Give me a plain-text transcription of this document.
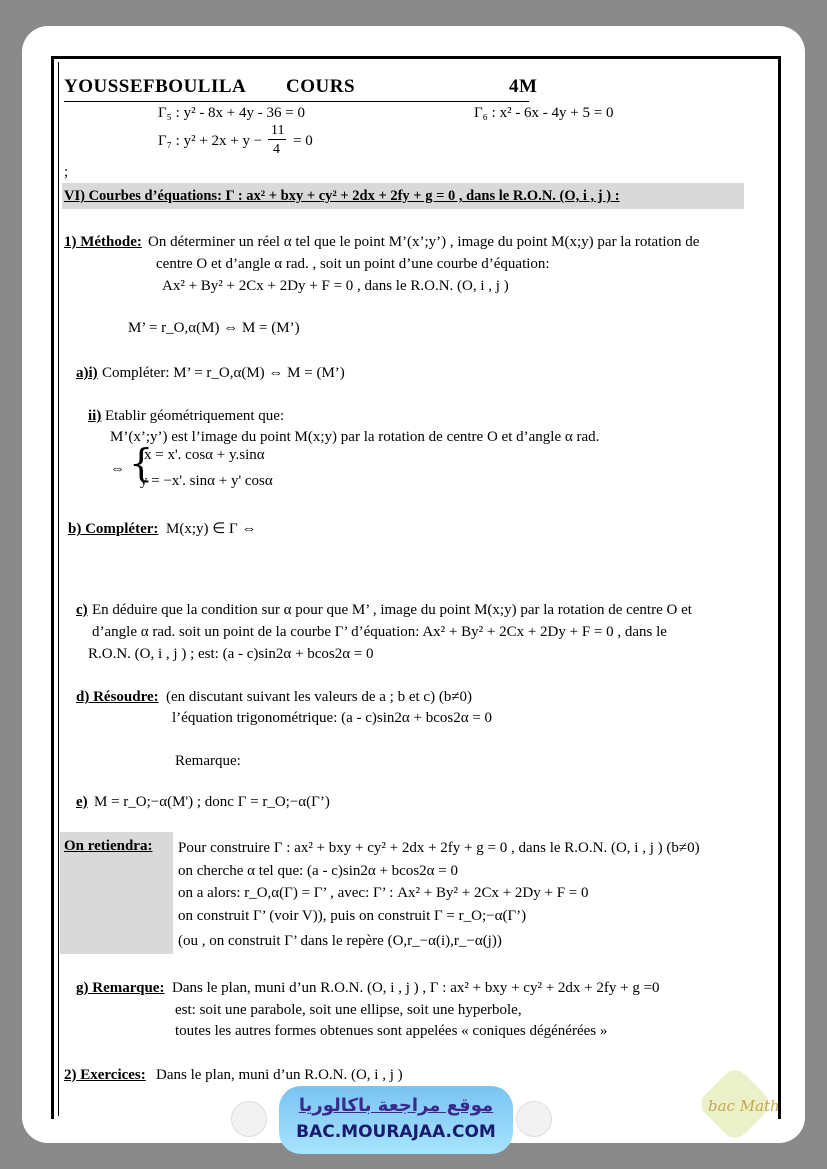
YOUSSEFBOULILA COURS	4M
Γ₅ : y² - 8x + 4y - 36 = 0	Γ₆ : x² - 6x - 4y + 5 = 0
Γ₇ : y² + 2x + y −
11
4
= 0
;
VI) Courbes d’équations: Γ : ax² + bxy + cy² + 2dx + 2fy + g = 0 , dans le R.O.N. (O, i , j ) :
1) Méthode: On déterminer un réel α tel que le point M’(x’;y’) , image du point M(x;y) par la rotation de
centre O et d’angle α rad. , soit un point d’une courbe d’équation:
Ax² + By² + 2Cx + 2Dy + F = 0 , dans le R.O.N. (O, i , j )
M’ = r_O,α(M) ⇔ M = (M’)
a)i) Compléter: M’ = r_O,α(M) ⇔ M = (M’)
ii) Etablir géométriquement que:
M’(x’;y’) est l’image du point M(x;y) par la rotation de centre O et d’angle α rad.
⇔ {
x = x'. cosα + y.sinα
y = −x'. sinα + y' cosα
b) Compléter: M(x;y) ∈ Γ ⇔
c) En déduire que la condition sur α pour que M’ , image du point M(x;y) par la rotation de centre O et
d’angle α rad. soit un point de la courbe Γ’ d’équation: Ax² + By² + 2Cx + 2Dy + F = 0 , dans le
R.O.N. (O, i , j ) ; est: (a - c)sin2α + bcos2α = 0
d) Résoudre: (en discutant suivant les valeurs de a ; b et c) (b≠0)
l’équation trigonométrique: (a - c)sin2α + bcos2α = 0
Remarque:
e) M = r_O;−α(M') ; donc Γ = r_O;−α(Γ’)
On retiendra: Pour construire Γ : ax² + bxy + cy² + 2dx + 2fy + g = 0 , dans le R.O.N. (O, i , j ) (b≠0)
on cherche α tel que: (a - c)sin2α + bcos2α = 0
on a alors: r_O,α(Γ) = Γ’ , avec: Γ’ : Ax² + By² + 2Cx + 2Dy + F = 0
on construit Γ’ (voir V)), puis on construit Γ = r_O;−α(Γ’)
(ou , on construit Γ’ dans le repère (O,r_−α(i),r_−α(j))
g) Remarque: Dans le plan, muni d’un R.O.N. (O, i , j ) , Γ : ax² + bxy + cy² + 2dx + 2fy + g =0
est: soit une parabole, soit une ellipse, soit une hyperbole,
toutes les autres formes obtenues sont appelées « coniques dégénérées »
2) Exercices: Dans le plan, muni d’un R.O.N. (O, i , j )
موقع مراجعة باكالوريا
BAC.MOURAJAA.COM
bac Math
